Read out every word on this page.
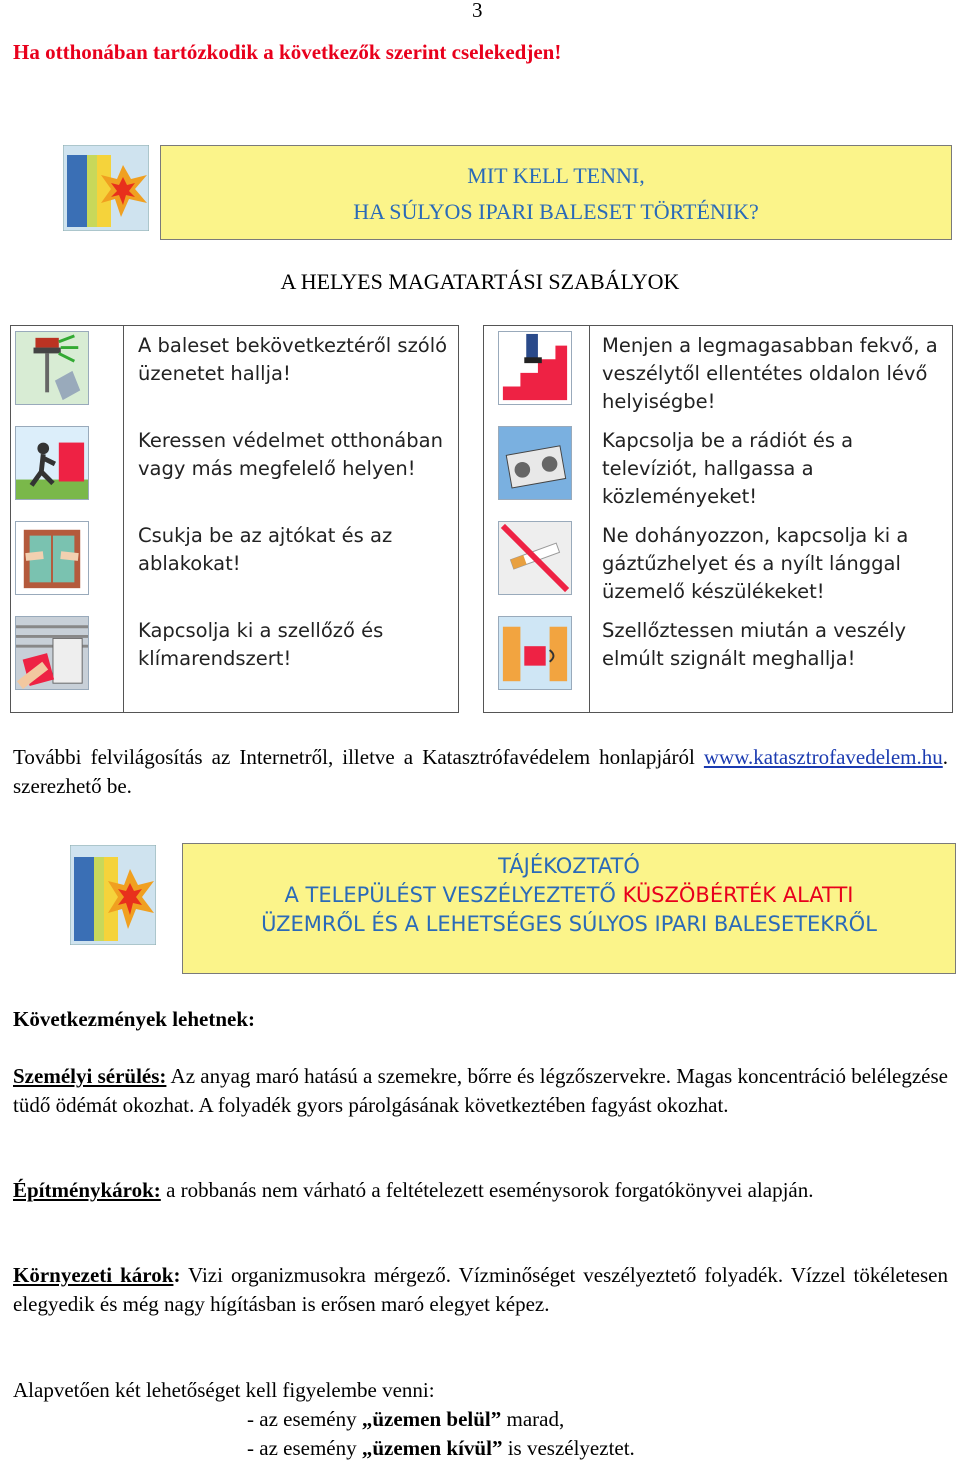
3
Ha otthonában tartózkodik a következők szerint cselekedjen!
MIT KELL TENNI,
HA SÚLYOS IPARI BALESET TÖRTÉNIK?
A HELYES MAGATARTÁSI SZABÁLYOK

A baleset bekövetkeztéről szóló üzenetet hallja!
Keressen védelmet otthonában vagy más megfelelő helyen!
Csukja be az ajtókat és az ablakokat!
Kapcsolja ki a szellőző és klímarendszert!

Menjen a legmagasabban fekvő, a veszélytől ellentétes oldalon lévő helyiségbe!
Kapcsolja be a rádiót és a televíziót, hallgassa a közleményeket!
Ne dohányozzon, kapcsolja ki a gáztűzhelyet és a nyílt lánggal üzemelő készülékeket!
Szellőztessen miután a veszély elmúlt szignált meghallja!
További felvilágosítás az Internetről, illetve a Katasztrófavédelem honlapjáról www.katasztrofavedelem.hu. szerezhető be.
TÁJÉKOZTATÓ
A TELEPÜLÉST VESZÉLYEZTETŐ KÜSZÖBÉRTÉK ALATTI
ÜZEMRŐL ÉS A LEHETSÉGES SÚLYOS IPARI BALESETEKRŐL
Következmények lehetnek:
Személyi sérülés: Az anyag maró hatású a szemekre, bőrre és légzőszervekre. Magas koncentráció belélegzése tüdő ödémát okozhat. A folyadék gyors párolgásának következtében fagyást okozhat.
Építménykárok: a robbanás nem várható a feltételezett eseménysorok forgatókönyvei alapján.
Környezeti károk: Vizi organizmusokra mérgező. Vízminőséget veszélyeztető folyadék. Vízzel tökéletesen elegyedik és még nagy hígításban is erősen maró elegyet képez.
Alapvetően két lehetőséget kell figyelembe venni:
- az esemény „üzemen belül” marad,
- az esemény „üzemen kívül” is veszélyeztet.
